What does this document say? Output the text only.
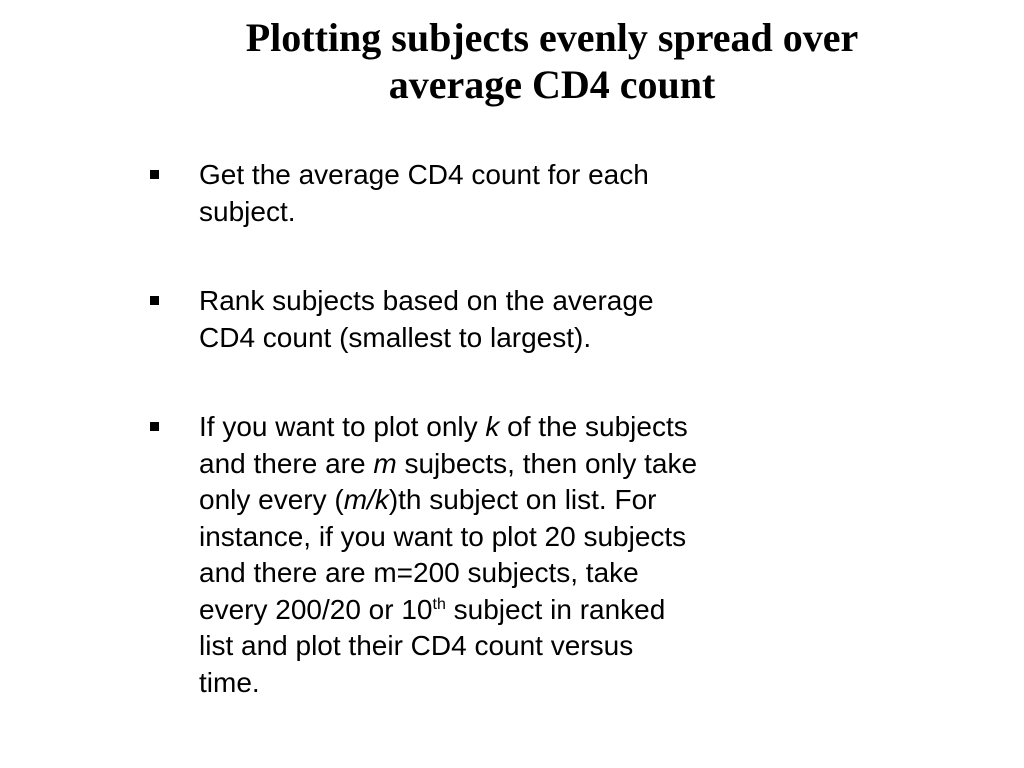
Plotting subjects evenly spread over
average CD4 count
Get the average CD4 count for each
subject.
Rank subjects based on the average
CD4 count (smallest to largest).
If you want to plot only k of the subjects
and there are m sujbects, then only take
only every (m/k)th subject on list. For
instance, if you want to plot 20 subjects
and there are m=200 subjects, take
every 200/20 or 10th subject in ranked
list and plot their CD4 count versus
time.
